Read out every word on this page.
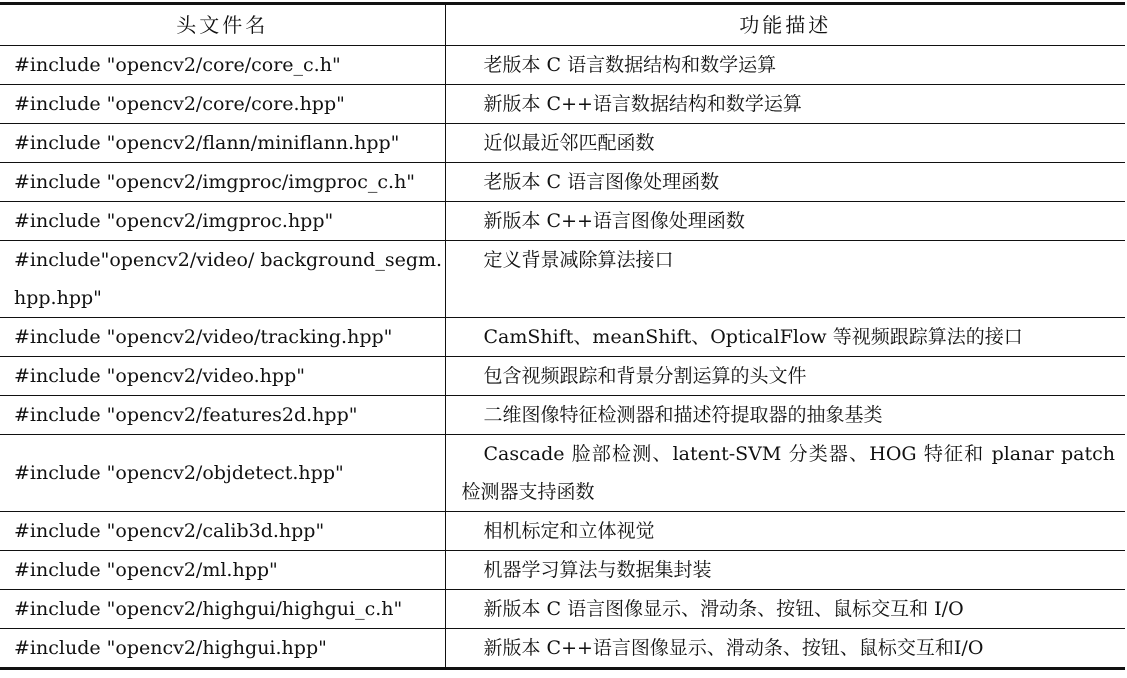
头文件名	功能描述
#include "opencv2/core/core_c.h"	老版本 C 语言数据结构和数学运算
#include "opencv2/core/core.hpp"	新版本 C++语言数据结构和数学运算
#include "opencv2/flann/miniflann.hpp"	近似最近邻匹配函数
#include "opencv2/imgproc/imgproc_c.h"	老版本 C 语言图像处理函数
#include "opencv2/imgproc.hpp"	新版本 C++语言图像处理函数
#include"opencv2/video/ background_segm.hpp.hpp"	定义背景减除算法接口
#include "opencv2/video/tracking.hpp"	CamShift、meanShift、OpticalFlow 等视频跟踪算法的接口
#include "opencv2/video.hpp"	包含视频跟踪和背景分割运算的头文件
#include "opencv2/features2d.hpp"	二维图像特征检测器和描述符提取器的抽象基类
#include "opencv2/objdetect.hpp"	Cascade 脸部检测、latent-SVM 分类器、HOG 特征和 planar patch 检测器支持函数
#include "opencv2/calib3d.hpp"	相机标定和立体视觉
#include "opencv2/ml.hpp"	机器学习算法与数据集封装
#include "opencv2/highgui/highgui_c.h"	新版本 C 语言图像显示、滑动条、按钮、鼠标交互和 I/O
#include "opencv2/highgui.hpp"	新版本 C++语言图像显示、滑动条、按钮、鼠标交互和I/O
